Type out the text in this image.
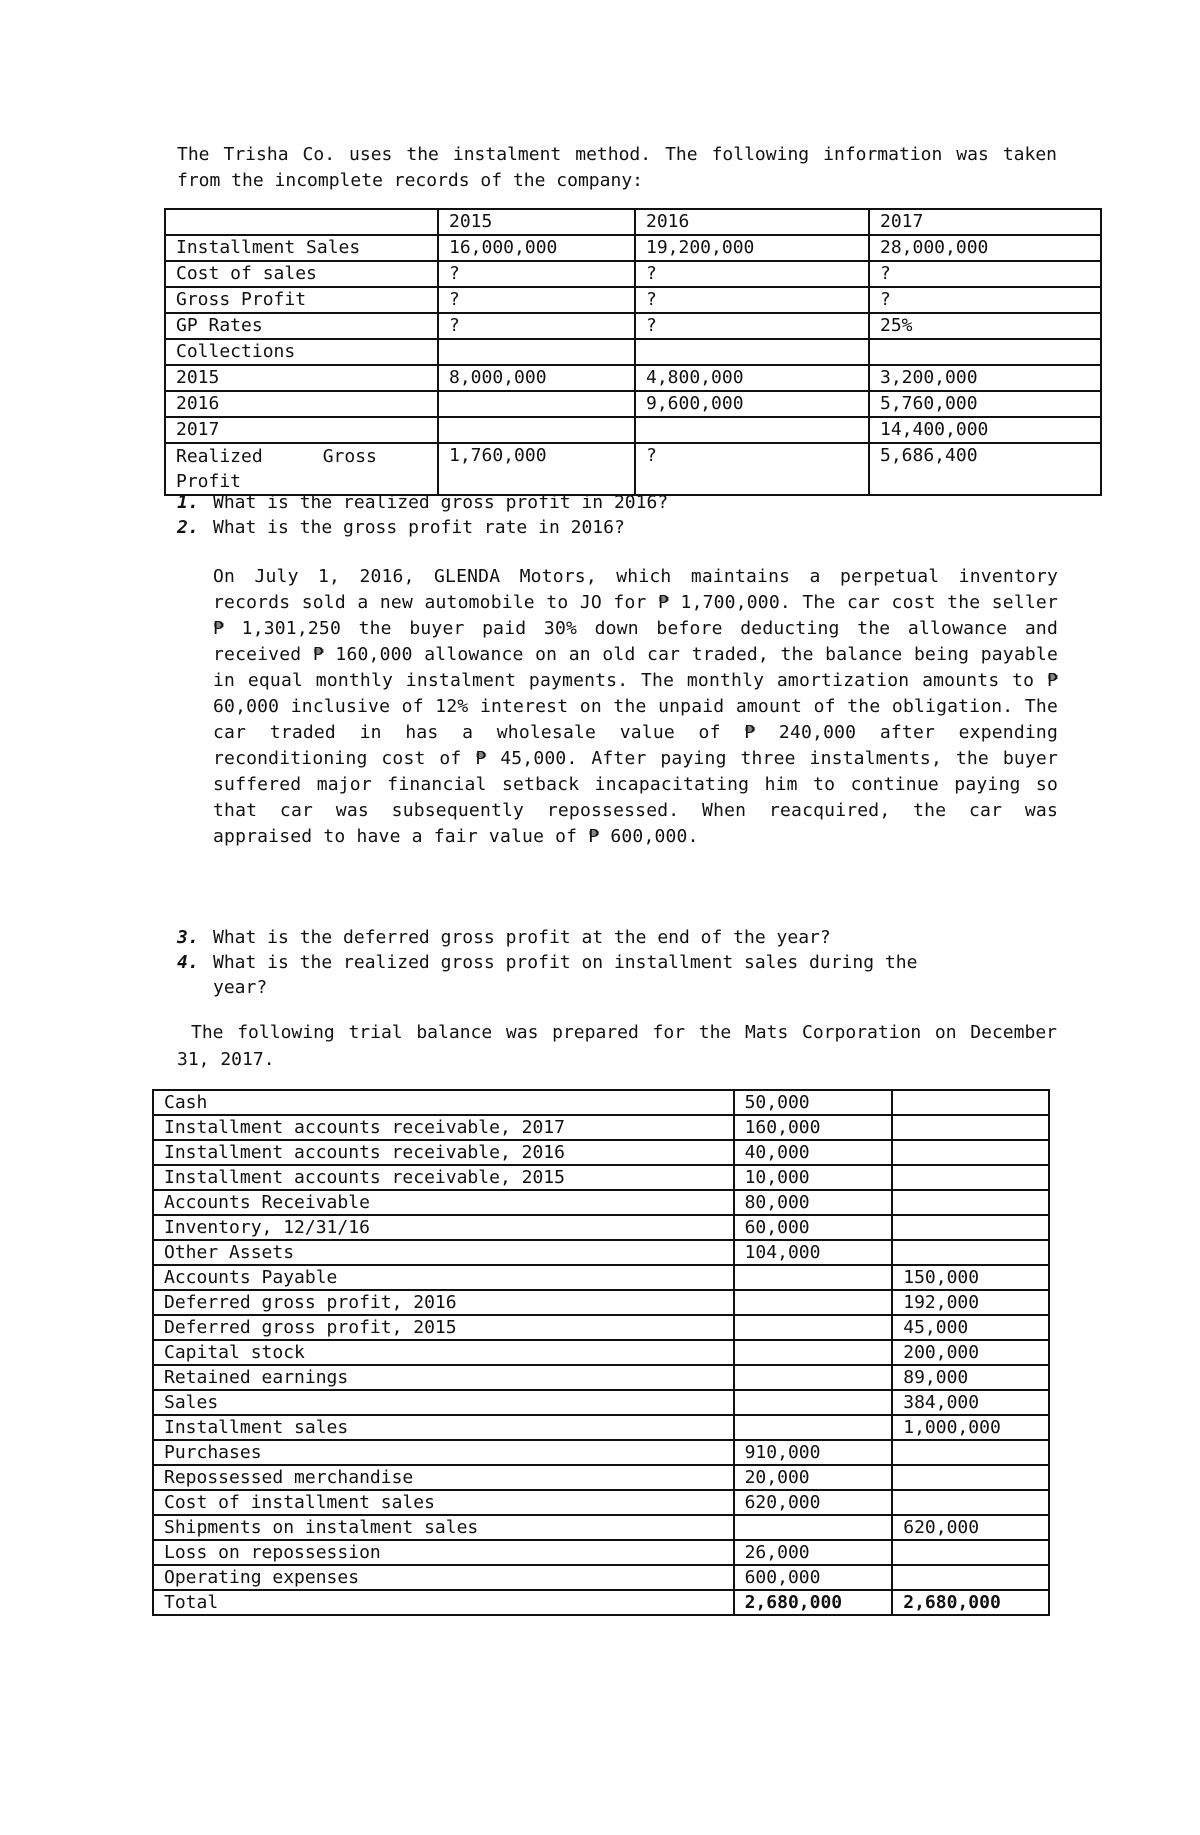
The Trisha Co. uses the instalment method. The following information was taken from the incomplete records of the company:

	2015	2016	2017
Installment Sales	16,000,000	19,200,000	28,000,000
Cost of sales	?	?	?
Gross Profit	?	?	?
GP Rates	?	?	25%
Collections			
2015	8,000,000	4,800,000	3,200,000
2016		9,600,000	5,760,000
2017			14,400,000
Realized Gross
Profit	1,760,000	?	5,686,400
1. What is the realized gross profit in 2016?
2. What is the gross profit rate in 2016?

On July 1, 2016, GLENDA Motors, which maintains a perpetual inventory records sold a new automobile to JO for ₱ 1,700,000. The car cost the seller ₱ 1,301,250 the buyer paid 30% down before deducting the allowance and received ₱ 160,000 allowance on an old car traded, the balance being payable in equal monthly instalment payments. The monthly amortization amounts to ₱ 60,000 inclusive of 12% interest on the unpaid amount of the obligation. The car traded in has a wholesale value of ₱ 240,000 after expending reconditioning cost of ₱ 45,000. After paying three instalments, the buyer suffered major financial setback incapacitating him to continue paying so that car was subsequently repossessed. When reacquired, the car was appraised to have a fair value of ₱ 600,000.

3. What is the deferred gross profit at the end of the year?
4. What is the realized gross profit on installment sales during the
year?

The following trial balance was prepared for the Mats Corporation on December 31, 2017.

Cash	50,000	
Installment accounts receivable, 2017	160,000	
Installment accounts receivable, 2016	40,000	
Installment accounts receivable, 2015	10,000	
Accounts Receivable	80,000	
Inventory, 12/31/16	60,000	
Other Assets	104,000	
Accounts Payable		150,000
Deferred gross profit, 2016		192,000
Deferred gross profit, 2015		45,000
Capital stock		200,000
Retained earnings		89,000
Sales		384,000
Installment sales		1,000,000
Purchases	910,000	
Repossessed merchandise	20,000	
Cost of installment sales	620,000	
Shipments on instalment sales		620,000
Loss on repossession	26,000	
Operating expenses	600,000	
Total	2,680,000	2,680,000
